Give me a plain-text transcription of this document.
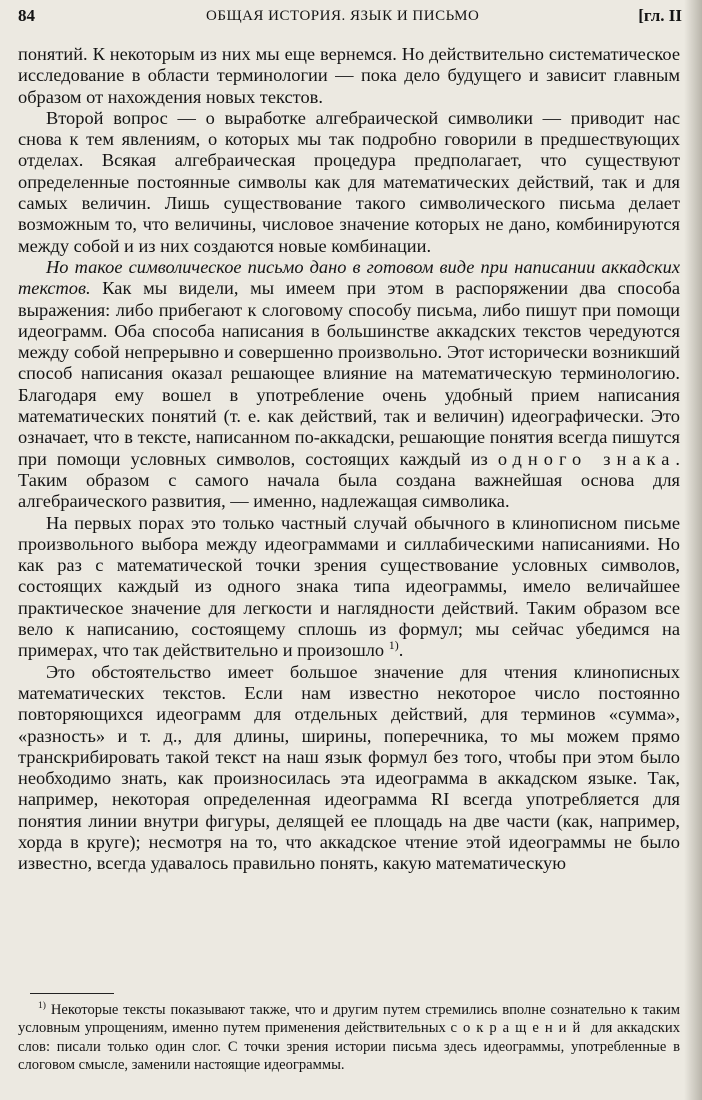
84	ОБЩАЯ ИСТОРИЯ. ЯЗЫК И ПИСЬМО	[гл. II

понятий. К некоторым из них мы еще вернемся. Но действительно систематическое исследование в области терминологии — пока дело будущего и зависит главным образом от нахождения новых текстов.

Второй вопрос — о выработке алгебраической символики — приводит нас снова к тем явлениям, о которых мы так подробно говорили в предшествующих отделах. Всякая алгебраическая процедура предполагает, что существуют определенные постоянные символы как для математических действий, так и для самых величин. Лишь существование такого символического письма делает возможным то, что величины, числовое значение которых не дано, комбинируются между собой и из них создаются новые комбинации.

Но такое символическое письмо дано в готовом виде при написании аккадских текстов. Как мы видели, мы имеем при этом в распоряжении два способа выражения: либо прибегают к слоговому способу письма, либо пишут при помощи идеограмм. Оба способа написания в большинстве аккадских текстов чередуются между собой непрерывно и совершенно произвольно. Этот исторически возникший способ написания оказал решающее влияние на математическую терминологию. Благодаря ему вошел в употребление очень удобный прием написания математических понятий (т. е. как действий, так и величин) идеографически. Это означает, что в тексте, написанном по-аккадски, решающие понятия всегда пишутся при помощи условных символов, состоящих каждый из одного знака. Таким образом с самого начала была создана важнейшая основа для алгебраического развития, — именно, надлежащая символика.

На первых порах это только частный случай обычного в клинописном письме произвольного выбора между идеограммами и силлабическими написаниями. Но как раз с математической точки зрения существование условных символов, состоящих каждый из одного знака типа идеограммы, имело величайшее практическое значение для легкости и наглядности действий. Таким образом все вело к написанию, состоящему сплошь из формул; мы сейчас убедимся на примерах, что так действительно и произошло $^{1)}$.

Это обстоятельство имеет большое значение для чтения клинописных математических текстов. Если нам известно некоторое число постоянно повторяющихся идеограмм для отдельных действий, для терминов «сумма», «разность» и т. д., для длины, ширины, поперечника, то мы можем прямо транскрибировать такой текст на наш язык формул без того, чтобы при этом было необходимо знать, как произносилась эта идеограмма в аккадском языке. Так, например, некоторая определенная идеограмма RI всегда употребляется для понятия линии внутри фигуры, делящей ее площадь на две части (как, например, хорда в круге); несмотря на то, что аккадское чтение этой идеограммы не было известно, всегда удавалось правильно понять, какую математическую

$^{1)}$ Некоторые тексты показывают также, что и другим путем стремились вполне сознательно к таким условным упрощениям, именно путем применения действительных сокращений для аккадских слов: писали только один слог. С точки зрения истории письма здесь идеограммы, употребленные в слоговом смысле, заменили настоящие идеограммы.
